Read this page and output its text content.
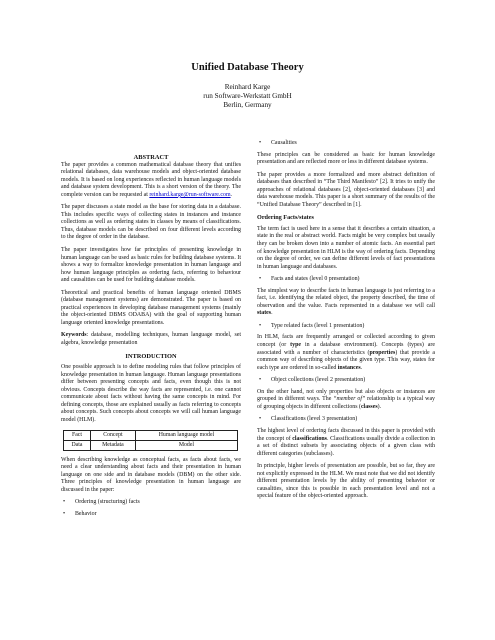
Unified Database Theory
Reinhard Karge
run Software-Werkstatt GmbH
Berlin, Germany
ABSTRACT

The paper provides a common mathematical database theory that unifies relational databases, data warehouse models and object-oriented database models. It is based on long experiences reflected in human language models and database system development. This is a short version of the theory. The complete version can be requested at reinhard.karge@run-software.com.

The paper discusses a state model as the base for storing data in a database. This includes specific ways of collecting states in instances and instance collections as well as ordering states in classes by means of classifications. Thus, database models can be described on four different levels according to the degree of order in the database.

The paper investigates how far principles of presenting knowledge in human language can be used as basic rules for building database systems. It shows a way to formalize knowledge presentation in human language and how human language principles as ordering facts, referring to behaviour and causalities can be used for building database models.

Theoretical and practical benefits of human language oriented DBMS (database management systems) are demonstrated. The paper is based on practical experiences in developing database management systems (mainly the object-oriented DBMS ODABA) with the goal of supporting human language oriented knowledge presentations.

Keywords: database, modelling techniques, human language model, set algebra, knowledge presentation

INTRODUCTION

One possible approach is to define modeling rules that follow principles of knowledge presentation in human language. Human language presentations differ between presenting concepts and facts, even though this is not obvious. Concepts describe the way facts are represented, i.e. one cannot communicate about facts without having the same concepts in mind. For defining concepts, those are explained usually as facts referring to concepts about concepts. Such concepts about concepts we will call human language model (HLM).

Fact	Concept	Human language model
Data	Metadata	Model

When describing knowledge as conceptual facts, as facts about facts, we need a clear understanding about facts and their presentation in human language on one side and in database models (DBM) on the other side. Three principles of knowledge presentation in human language are discussed in the paper:

•	Ordering (structuring) facts
•	Behavior
•	Causalities

These principles can be considered as basic for human knowledge presentation and are reflected more or less in different database systems.

The paper provides a more formalized and more abstract definition of databases than described in “The Third Manifesto” [2]. It tries to unify the approaches of relational databases [2], object-oriented databases [3] and data warehouse models. This paper is a short summary of the results of the “Unified Database Theory” described in [1].

Ordering Facts/states

The term fact is used here in a sense that it describes a certain situation, a state in the real or abstract world. Facts might be very complex but usually they can be broken down into a number of atomic facts. An essential part of knowledge presentation in HLM is the way of ordering facts. Depending on the degree of order, we can define different levels of fact presentations in human language and databases.

•	Facts and states (level 0 presentation)

The simplest way to describe facts in human language is just referring to a fact, i.e. identifying the related object, the property described, the time of observation and the value. Facts represented in a database we will call states.

•	Type related facts (level 1 presentation)

In HLM, facts are frequently arranged or collected according to given concept (or type in a database environment). Concepts (types) are associated with a number of characteristics (properties) that provide a common way of describing objects of the given type. This way, states for each type are ordered in so-called instances.

•	Object collections (level 2 presentation)

On the other hand, not only properties but also objects or instances are grouped in different ways. The “member of” relationship is a typical way of grouping objects in different collections (classes).

•	Classifications (level 3 presentation)

The highest level of ordering facts discussed in this paper is provided with the concept of classifications. Classifications usually divide a collection in a set of distinct subsets by associating objects of a given class with different categories (subclasses).

In principle, higher levels of presentation are possible, but so far, they are not explicitly expressed in the HLM. We must note that we did not identify different presentation levels by the ability of presenting behavior or causalities, since this is possible in each presentation level and not a special feature of the object-oriented approach.
